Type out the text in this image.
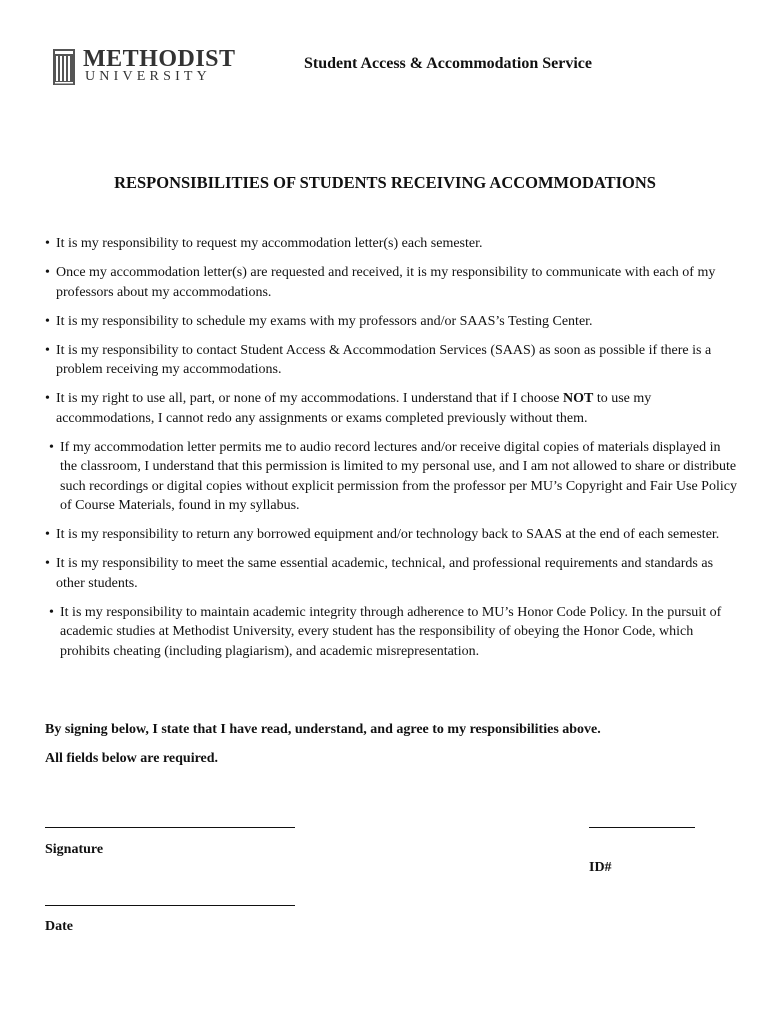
METHODIST
UNIVERSITY
Student Access & Accommodation Service
RESPONSIBILITIES OF STUDENTS RECEIVING ACCOMMODATIONS
• It is my responsibility to request my accommodation letter(s) each semester.
• Once my accommodation letter(s) are requested and received, it is my responsibility to communicate with each of my professors about my accommodations.
• It is my responsibility to schedule my exams with my professors and/or SAAS’s Testing Center.
• It is my responsibility to contact Student Access & Accommodation Services (SAAS) as soon as possible if there is a problem receiving my accommodations.
• It is my right to use all, part, or none of my accommodations. I understand that if I choose NOT to use my accommodations, I cannot redo any assignments or exams completed previously without them.
• If my accommodation letter permits me to audio record lectures and/or receive digital copies of materials displayed in the classroom, I understand that this permission is limited to my personal use, and I am not allowed to share or distribute such recordings or digital copies without explicit permission from the professor per MU’s Copyright and Fair Use Policy of Course Materials, found in my syllabus.
• It is my responsibility to return any borrowed equipment and/or technology back to SAAS at the end of each semester.
• It is my responsibility to meet the same essential academic, technical, and professional requirements and standards as other students.
• It is my responsibility to maintain academic integrity through adherence to MU’s Honor Code Policy. In the pursuit of academic studies at Methodist University, every student has the responsibility of obeying the Honor Code, which prohibits cheating (including plagiarism), and academic misrepresentation.
By signing below, I state that I have read, understand, and agree to my responsibilities above.
All fields below are required.
Signature
ID#
Date
